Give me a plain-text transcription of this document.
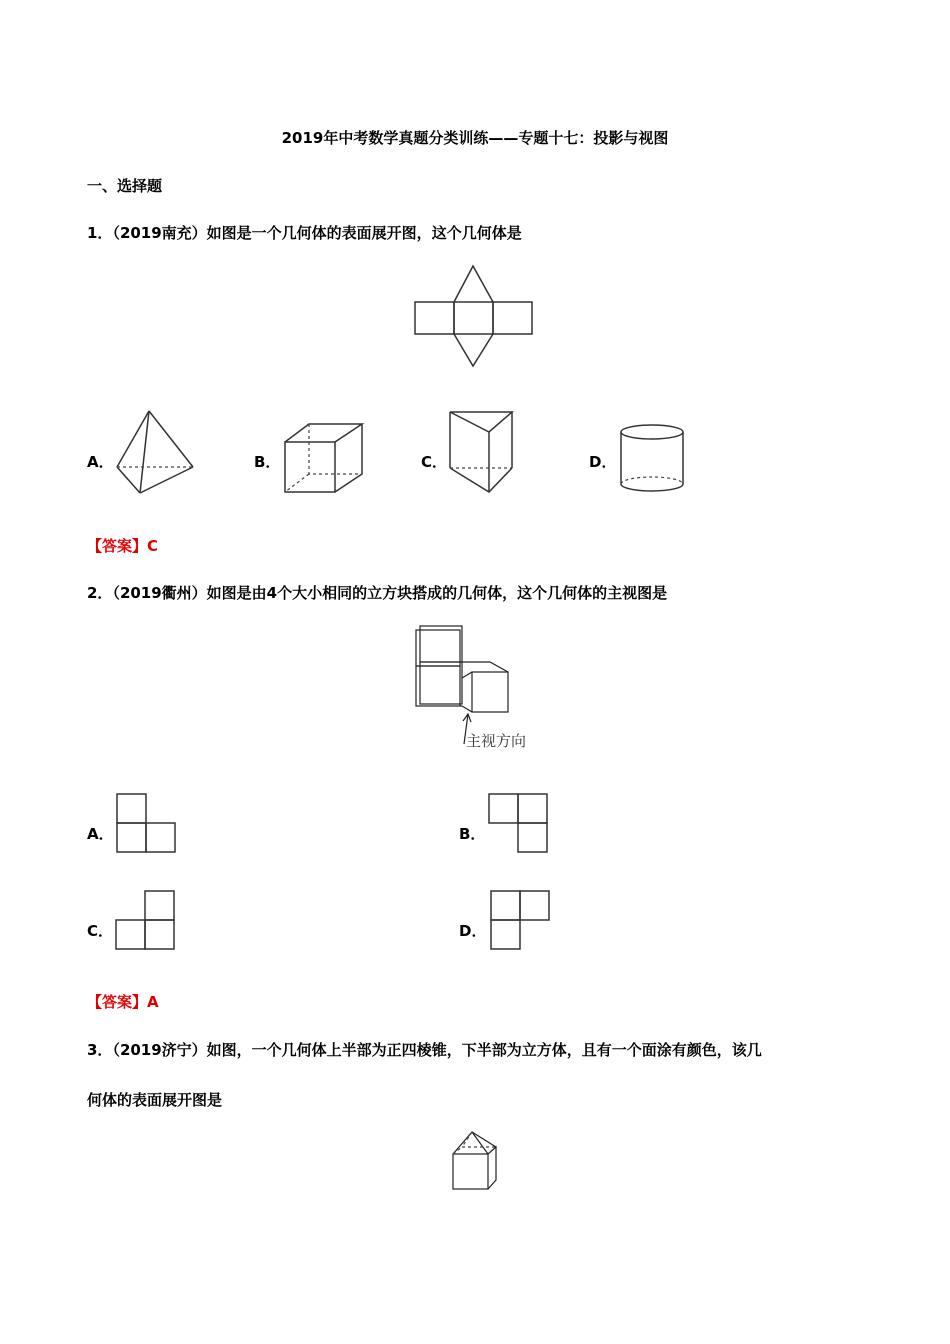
2019年中考数学真题分类训练——专题十七：投影与视图
一、选择题
1．（2019南充）如图是一个几何体的表面展开图，这个几何体是
A．	B．	C．	D．
【答案】C
2．（2019衢州）如图是由4个大小相同的立方块搭成的几何体，这个几何体的主视图是
主视方向
A．	B．
C．	D．
【答案】A
3．（2019济宁）如图，一个几何体上半部为正四棱锥，下半部为立方体，且有一个面涂有颜色，该几
何体的表面展开图是
